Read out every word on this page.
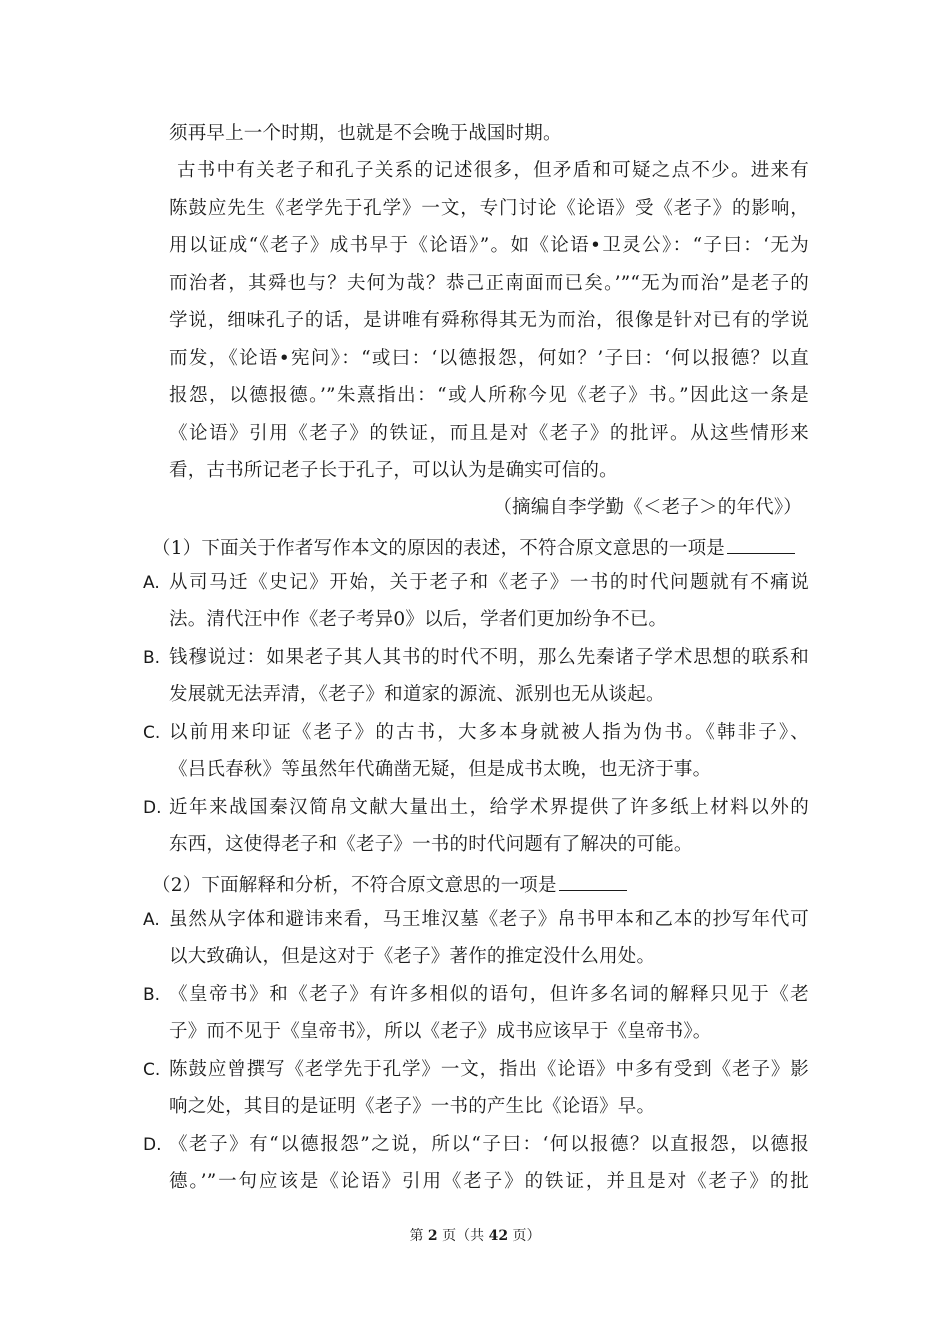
须再早上一个时期，也就是不会晚于战国时期。
古书中有关老子和孔子关系的记述很多，但矛盾和可疑之点不少。进来有
陈鼓应先生《老学先于孔学》一文，专门讨论《论语》受《老子》的影响，
用以证成“《老子》成书早于《论语》”。如《论语•卫灵公》：“子曰：‘无为
而治者，其舜也与？夫何为哉？恭己正南面而已矣。’”“无为而治”是老子的
学说，细味孔子的话，是讲唯有舜称得其无为而治，很像是针对已有的学说
而发，《论语•宪问》：“或曰：‘以德报怨，何如？’子曰：‘何以报德？以直
报怨，以德报德。’”朱熹指出：“或人所称今见《老子》书。”因此这一条是
《论语》引用《老子》的铁证，而且是对《老子》的批评。从这些情形来
看，古书所记老子长于孔子，可以认为是确实可信的。
（摘编自李学勤《＜老子＞的年代》）
（1）下面关于作者写作本文的原因的表述，不符合原文意思的一项是
A. 从司马迁《史记》开始，关于老子和《老子》一书的时代问题就有不痛说
法。清代汪中作《老子考异0》以后，学者们更加纷争不已。
B. 钱穆说过：如果老子其人其书的时代不明，那么先秦诸子学术思想的联系和
发展就无法弄清，《老子》和道家的源流、派别也无从谈起。
C. 以前用来印证《老子》的古书，大多本身就被人指为伪书。《韩非子》、
《吕氏春秋》等虽然年代确凿无疑，但是成书太晚，也无济于事。
D. 近年来战国秦汉简帛文献大量出土，给学术界提供了许多纸上材料以外的
东西，这使得老子和《老子》一书的时代问题有了解决的可能。
（2）下面解释和分析，不符合原文意思的一项是
A. 虽然从字体和避讳来看，马王堆汉墓《老子》帛书甲本和乙本的抄写年代可
以大致确认，但是这对于《老子》著作的推定没什么用处。
B. 《皇帝书》和《老子》有许多相似的语句，但许多名词的解释只见于《老
子》而不见于《皇帝书》，所以《老子》成书应该早于《皇帝书》。
C. 陈鼓应曾撰写《老学先于孔学》一文，指出《论语》中多有受到《老子》影
响之处，其目的是证明《老子》一书的产生比《论语》早。
D. 《老子》有“以德报怨”之说，所以“子曰：‘何以报德？以直报怨，以德报
德。’”一句应该是《论语》引用《老子》的铁证，并且是对《老子》的批
第 2 页（共 42 页）
